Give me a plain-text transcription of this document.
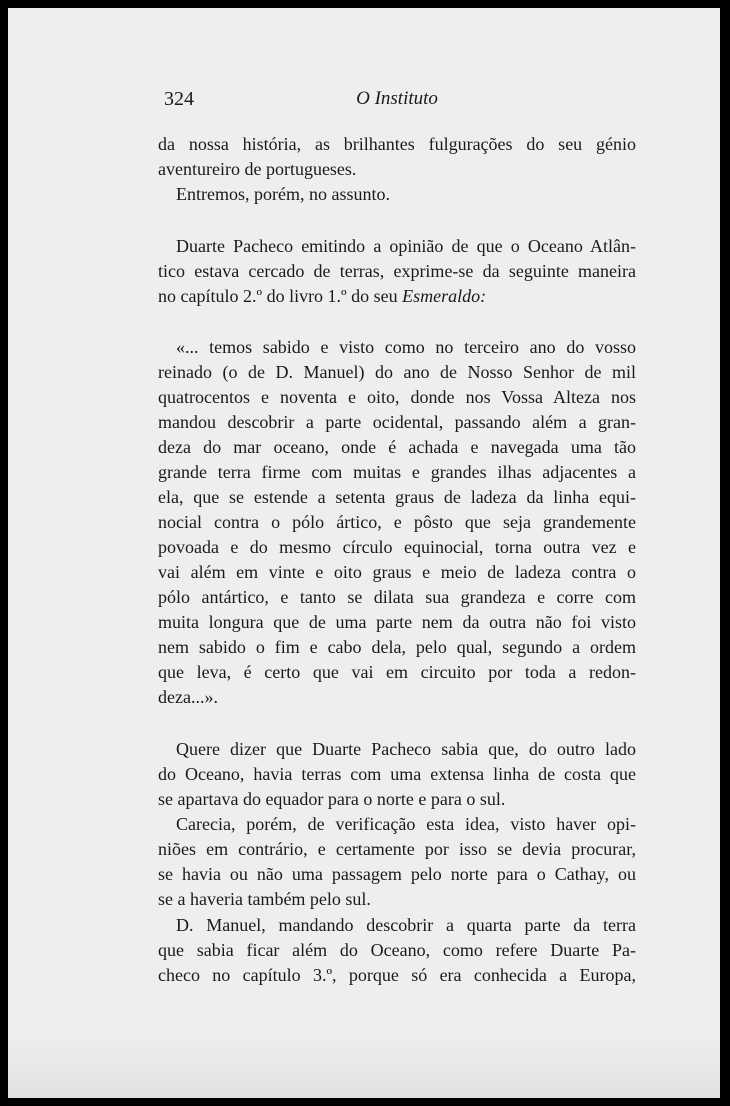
324	O Instituto
da nossa história, as brilhantes fulgurações do seu génio
aventureiro de portugueses.
Entremos, porém, no assunto.
Duarte Pacheco emitindo a opinião de que o Oceano Atlân-
tico estava cercado de terras, exprime-se da seguinte maneira
no capítulo 2.º do livro 1.º do seu Esmeraldo:
«... temos sabido e visto como no terceiro ano do vosso
reinado (o de D. Manuel) do ano de Nosso Senhor de mil
quatrocentos e noventa e oito, donde nos Vossa Alteza nos
mandou descobrir a parte ocidental, passando além a gran-
deza do mar oceano, onde é achada e navegada uma tão
grande terra firme com muitas e grandes ilhas adjacentes a
ela, que se estende a setenta graus de ladeza da linha equi-
nocial contra o pólo ártico, e pôsto que seja grandemente
povoada e do mesmo círculo equinocial, torna outra vez e
vai além em vinte e oito graus e meio de ladeza contra o
pólo antártico, e tanto se dilata sua grandeza e corre com
muita longura que de uma parte nem da outra não foi visto
nem sabido o fim e cabo dela, pelo qual, segundo a ordem
que leva, é certo que vai em circuito por toda a redon-
deza...».
Quere dizer que Duarte Pacheco sabia que, do outro lado
do Oceano, havia terras com uma extensa linha de costa que
se apartava do equador para o norte e para o sul.
Carecia, porém, de verificação esta idea, visto haver opi-
niões em contrário, e certamente por isso se devia procurar,
se havia ou não uma passagem pelo norte para o Cathay, ou
se a haveria também pelo sul.
D. Manuel, mandando descobrir a quarta parte da terra
que sabia ficar além do Oceano, como refere Duarte Pa-
checo no capítulo 3.º, porque só era conhecida a Europa,
